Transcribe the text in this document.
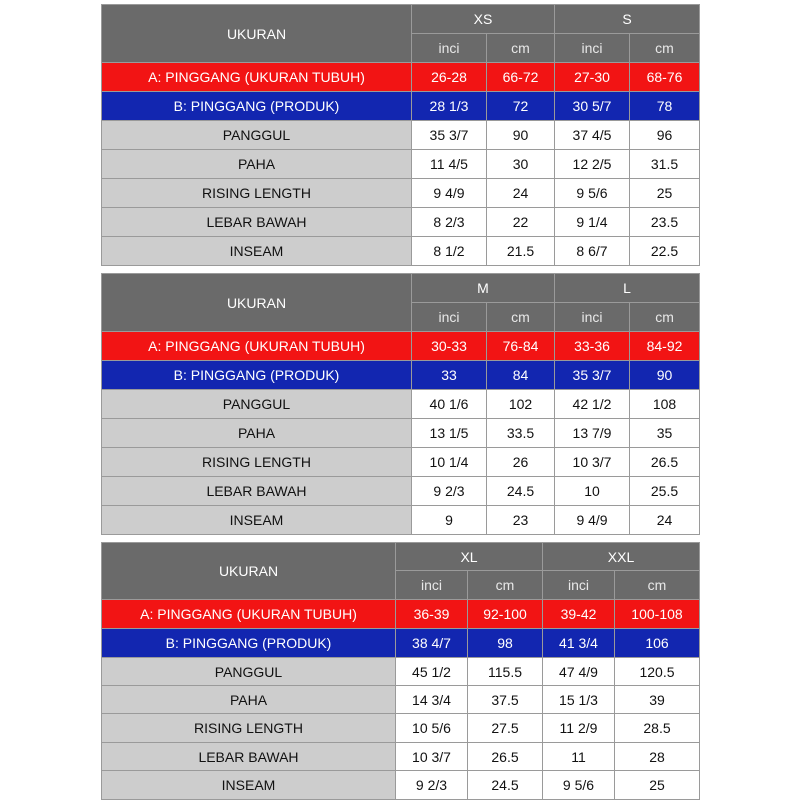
UKURAN	XS		S	
	inci	cm	inci	cm
A: PINGGANG (UKURAN TUBUH)	26-28	66-72	27-30	68-76
B: PINGGANG (PRODUK)	28 1/3	72	30 5/7	78
PANGGUL	35 3/7	90	37 4/5	96
PAHA	11 4/5	30	12 2/5	31.5
RISING LENGTH	9 4/9	24	9 5/6	25
LEBAR BAWAH	8 2/3	22	9 1/4	23.5
INSEAM	8 1/2	21.5	8 6/7	22.5
UKURAN	M		L	
	inci	cm	inci	cm
A: PINGGANG (UKURAN TUBUH)	30-33	76-84	33-36	84-92
B: PINGGANG (PRODUK)	33	84	35 3/7	90
PANGGUL	40 1/6	102	42 1/2	108
PAHA	13 1/5	33.5	13 7/9	35
RISING LENGTH	10 1/4	26	10 3/7	26.5
LEBAR BAWAH	9 2/3	24.5	10	25.5
INSEAM	9	23	9 4/9	24
UKURAN	XL		XXL	
	inci	cm	inci	cm
A: PINGGANG (UKURAN TUBUH)	36-39	92-100	39-42	100-108
B: PINGGANG (PRODUK)	38 4/7	98	41 3/4	106
PANGGUL	45 1/2	115.5	47 4/9	120.5
PAHA	14 3/4	37.5	15 1/3	39
RISING LENGTH	10 5/6	27.5	11 2/9	28.5
LEBAR BAWAH	10 3/7	26.5	11	28
INSEAM	9 2/3	24.5	9 5/6	25
